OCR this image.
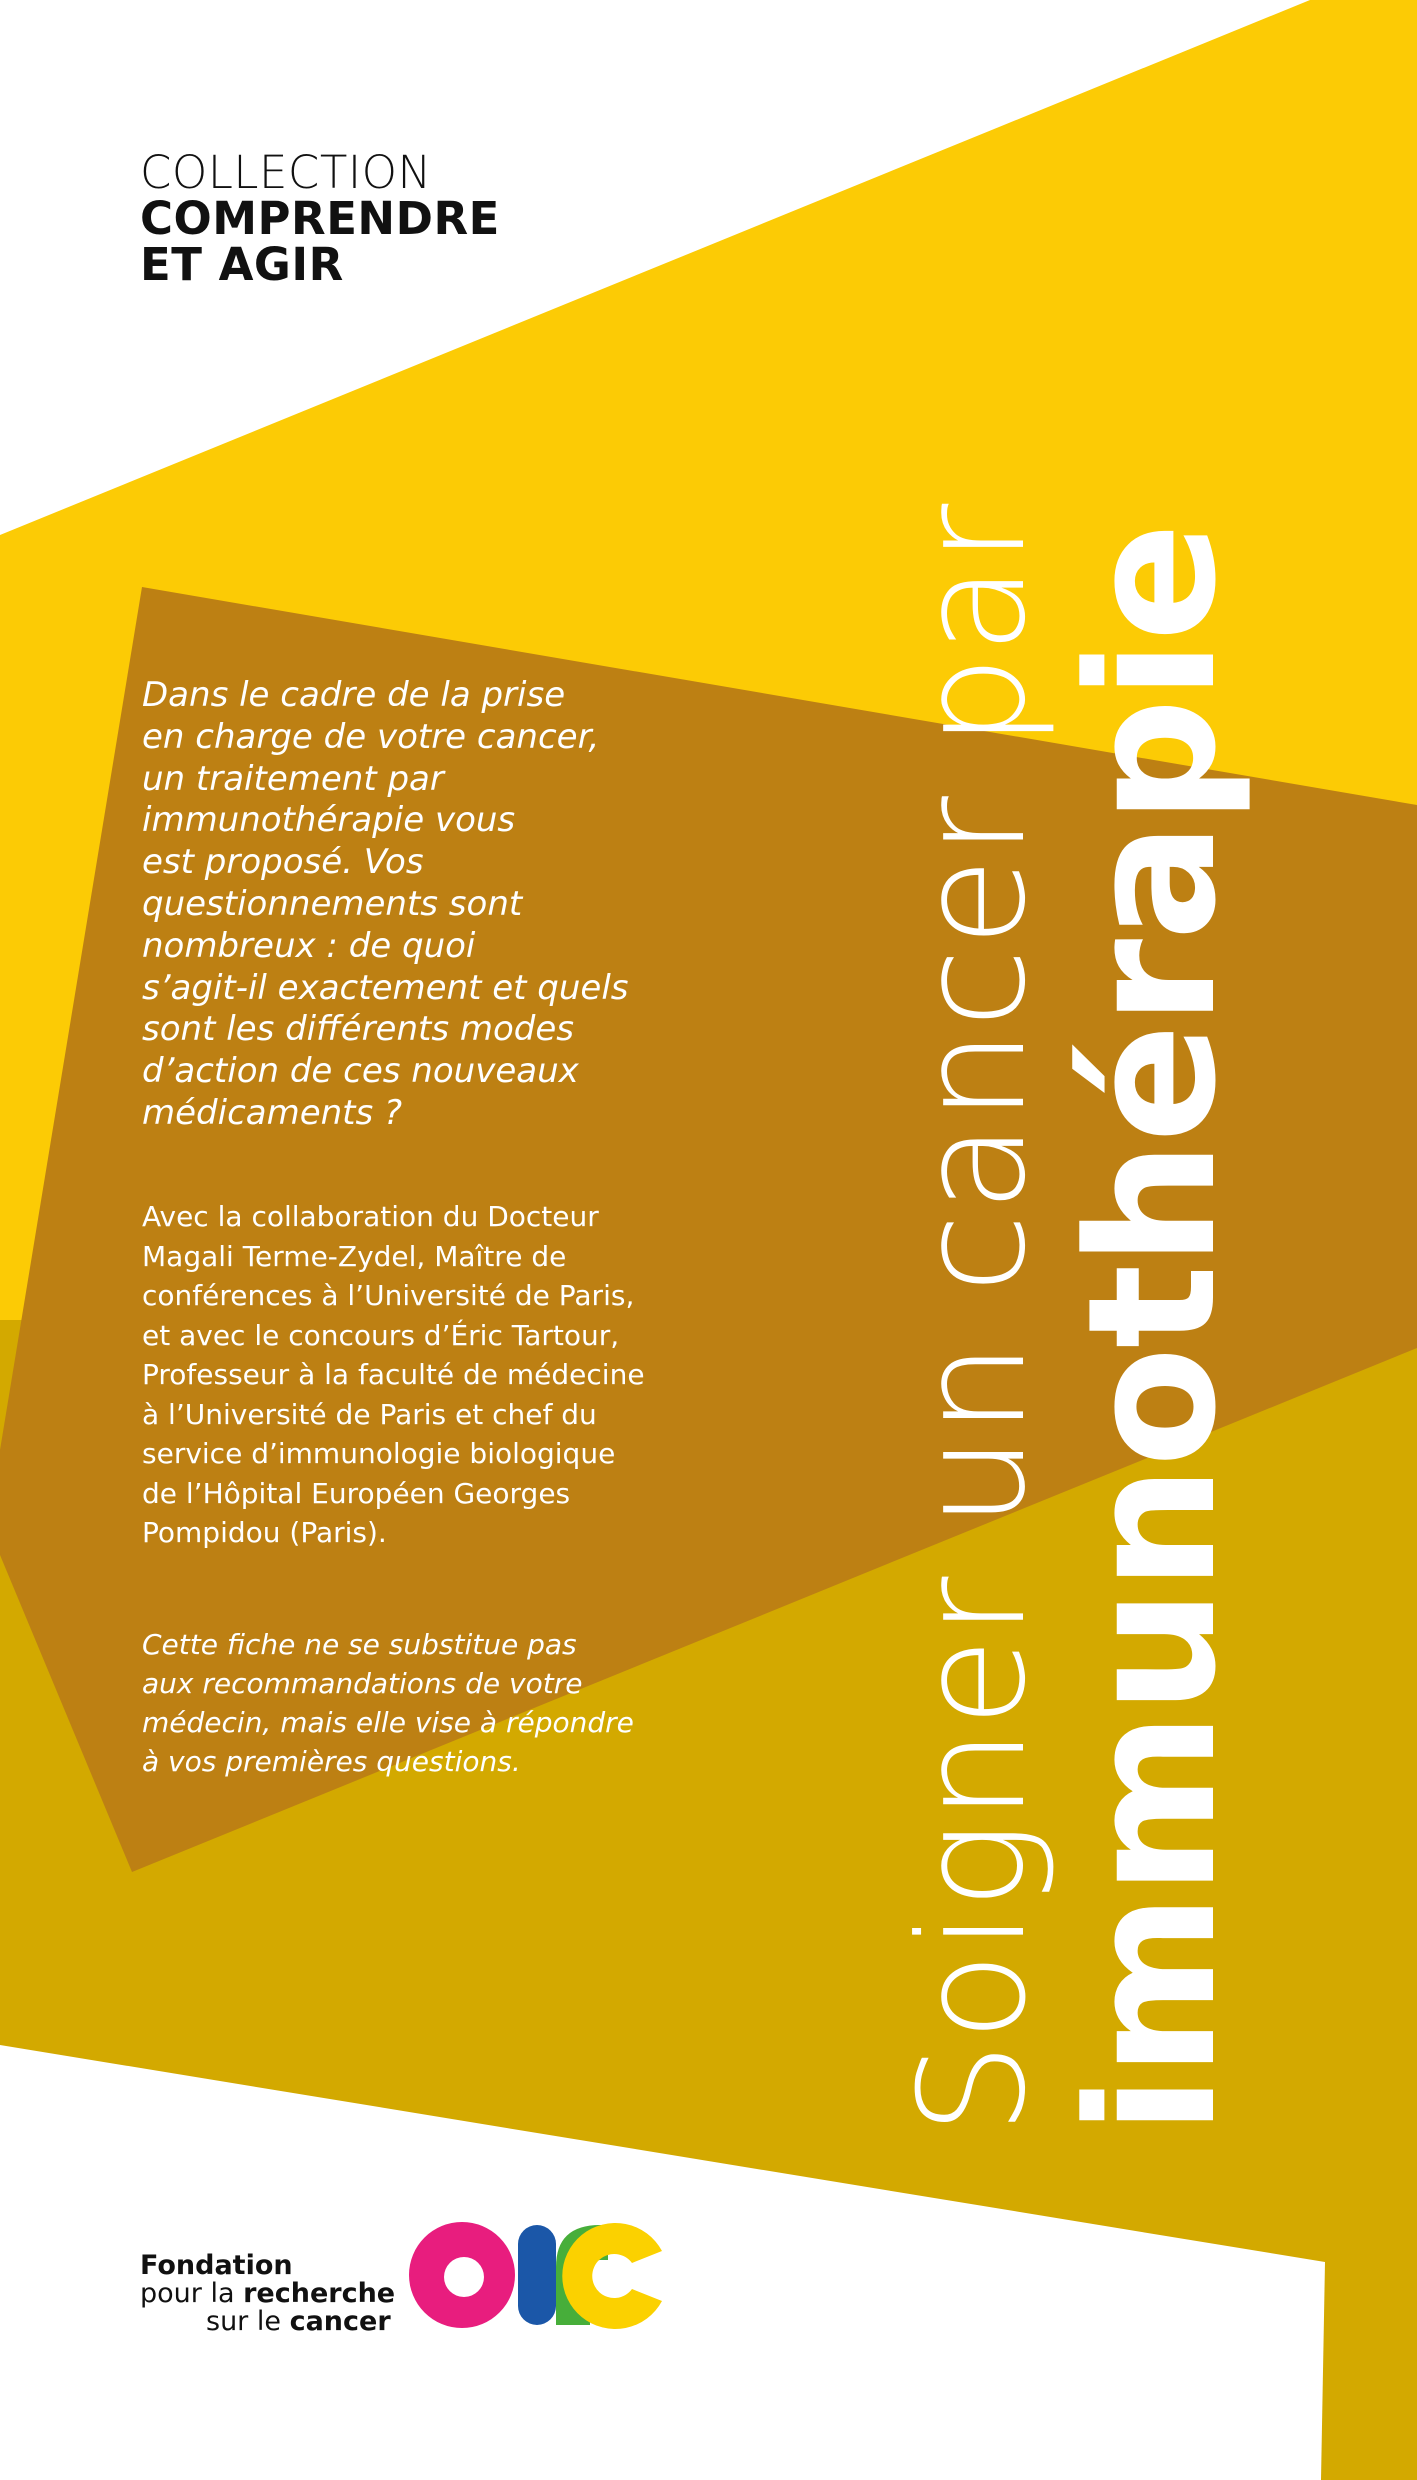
COLLECTION
COMPRENDRE
ET AGIR

Dans le cadre de la prise

en charge de votre cancer,

un traitement par

immunothérapie vous

est proposé. Vos

questionnements sont

nombreux : de quoi

s’agit-il exactement et quels

sont les différents modes

d’action de ces nouveaux

médicaments ?

Avec la collaboration du Docteur

Magali Terme-Zydel, Maître de

conférences à l’Université de Paris,

et avec le concours d’Éric Tartour,

Professeur à la faculté de médecine

à l’Université de Paris et chef du

service d’immunologie biologique

de l’Hôpital Européen Georges

Pompidou (Paris).

Cette fiche ne se substitue pas

aux recommandations de votre

médecin, mais elle vise à répondre

à vos premières questions.	Soigner un cancer par
immunothérapie
Fondation
pour la recherche
sur le cancer
